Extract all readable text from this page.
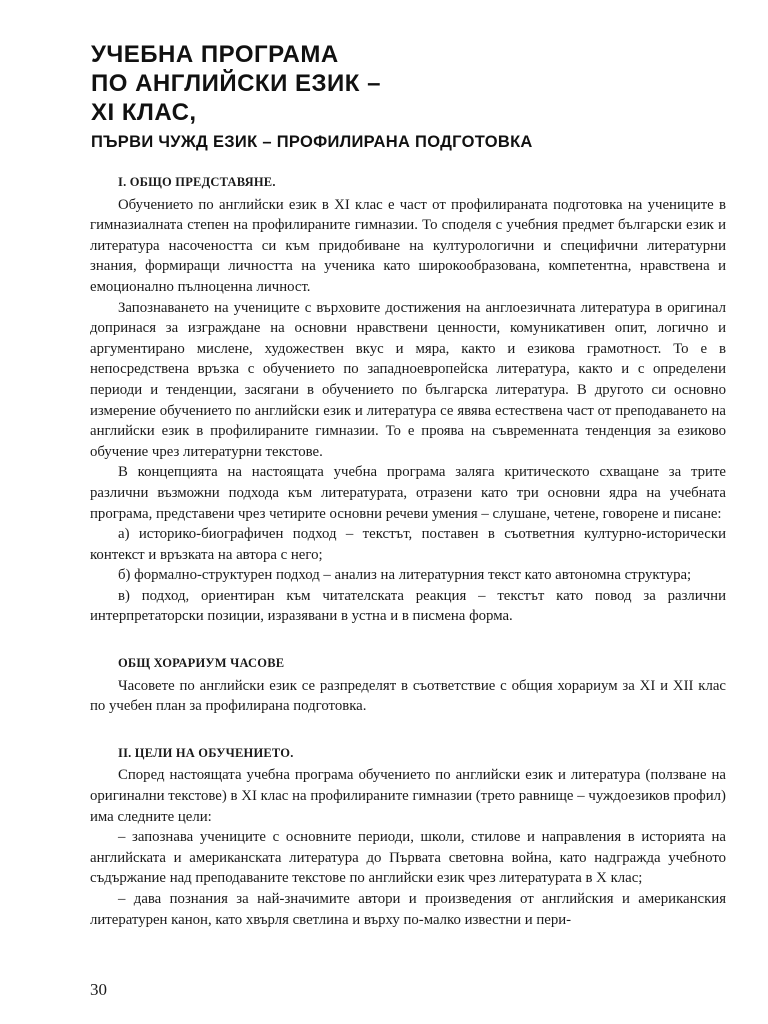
УЧЕБНА ПРОГРАМА
ПО АНГЛИЙСКИ ЕЗИК –
XI КЛАС,
ПЪРВИ ЧУЖД ЕЗИК – ПРОФИЛИРАНА ПОДГОТОВКА
I. ОБЩО ПРЕДСТАВЯНЕ.

Обучението по английски език в XI клас е част от профилираната подготовка на учениците в гимназиалната степен на профилираните гимназии. То споделя с учебния предмет български език и литература насочеността си към придобиване на културологични и специфични литературни знания, формиращи личността на ученика като широкообразована, компетентна, нравствена и емоционално пълноценна личност.

Запознаването на учениците с върховите достижения на англоезичната литература в оригинал допринася за изграждане на основни нравствени ценности, комуникативен опит, логично и аргументирано мислене, художествен вкус и мяра, както и езикова грамотност. То е в непосредствена връзка с обучението по западноевропейска литература, както и с определени периоди и тенденции, засягани в обучението по българска литература. В другото си основно измерение обучението по английски език и литература се явява естествена част от преподаването на английски език в профилираните гимназии. То е проява на съвременната тенденция за езиково обучение чрез литературни текстове.

В концепцията на настоящата учебна програма залягa критическото схващане за трите различни възможни подхода към литературата, отразени като три основни ядра на учебната програма, представени чрез четирите основни речеви умения – слушане, четене, говорене и писане:

а) историко-биографичен подход – текстът, поставен в съответния културно-исторически контекст и връзката на автора с него;

б) формално-структурен подход – анализ на литературния текст като автономна структура;

в) подход, ориентиран към читателската реакция – текстът като повод за различни интерпретаторски позиции, изразявани в устна и в писмена форма.

ОБЩ ХОРАРИУМ ЧАСОВЕ

Часовете по английски език се разпределят в съответствие с общия хорариум за XI и XII клас по учебен план за профилирана подготовка.

II. ЦЕЛИ НА ОБУЧЕНИЕТО.

Според настоящата учебна програма обучението по английски език и литература (ползване на оригинални текстове) в XI клас на профилираните гимназии (трето равнище – чуждоезиков профил) има следните цели:

– запознава учениците с основните периоди, школи, стилове и направления в историята на английската и американската литература до Първата световна война, като надгражда учебното съдържание над преподаваните текстове по английски език чрез литературата в X клас;

– дава познания за най-значимите автори и произведения от английския и американския литературен канон, като хвърля светлина и върху по-малко известни и пери-

30
